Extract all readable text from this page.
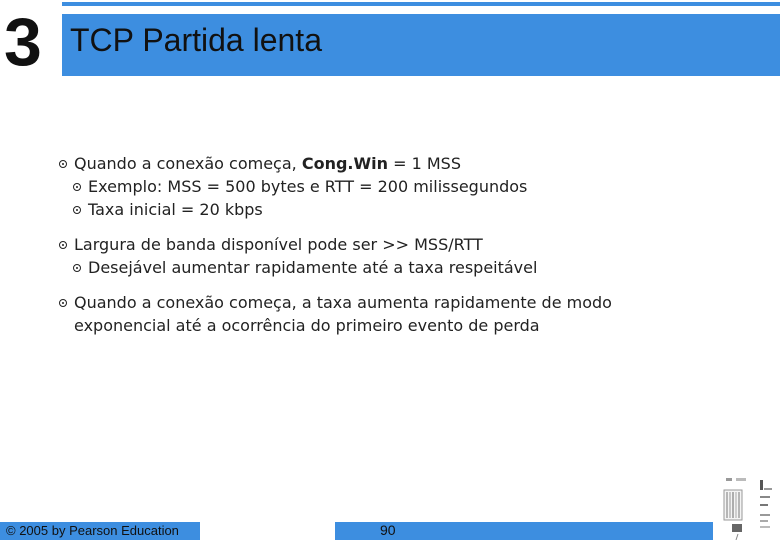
3 TCP Partida lenta
Quando a conexão começa, Cong.Win = 1 MSS
Exemplo: MSS = 500 bytes e RTT = 200 milissegundos
Taxa inicial = 20 kbps
Largura de banda disponível pode ser >> MSS/RTT
Desejável aumentar rapidamente até a taxa respeitável
Quando a conexão começa, a taxa aumenta rapidamente de modo
exponencial até a ocorrência do primeiro evento de perda
© 2005 by Pearson Education	90
